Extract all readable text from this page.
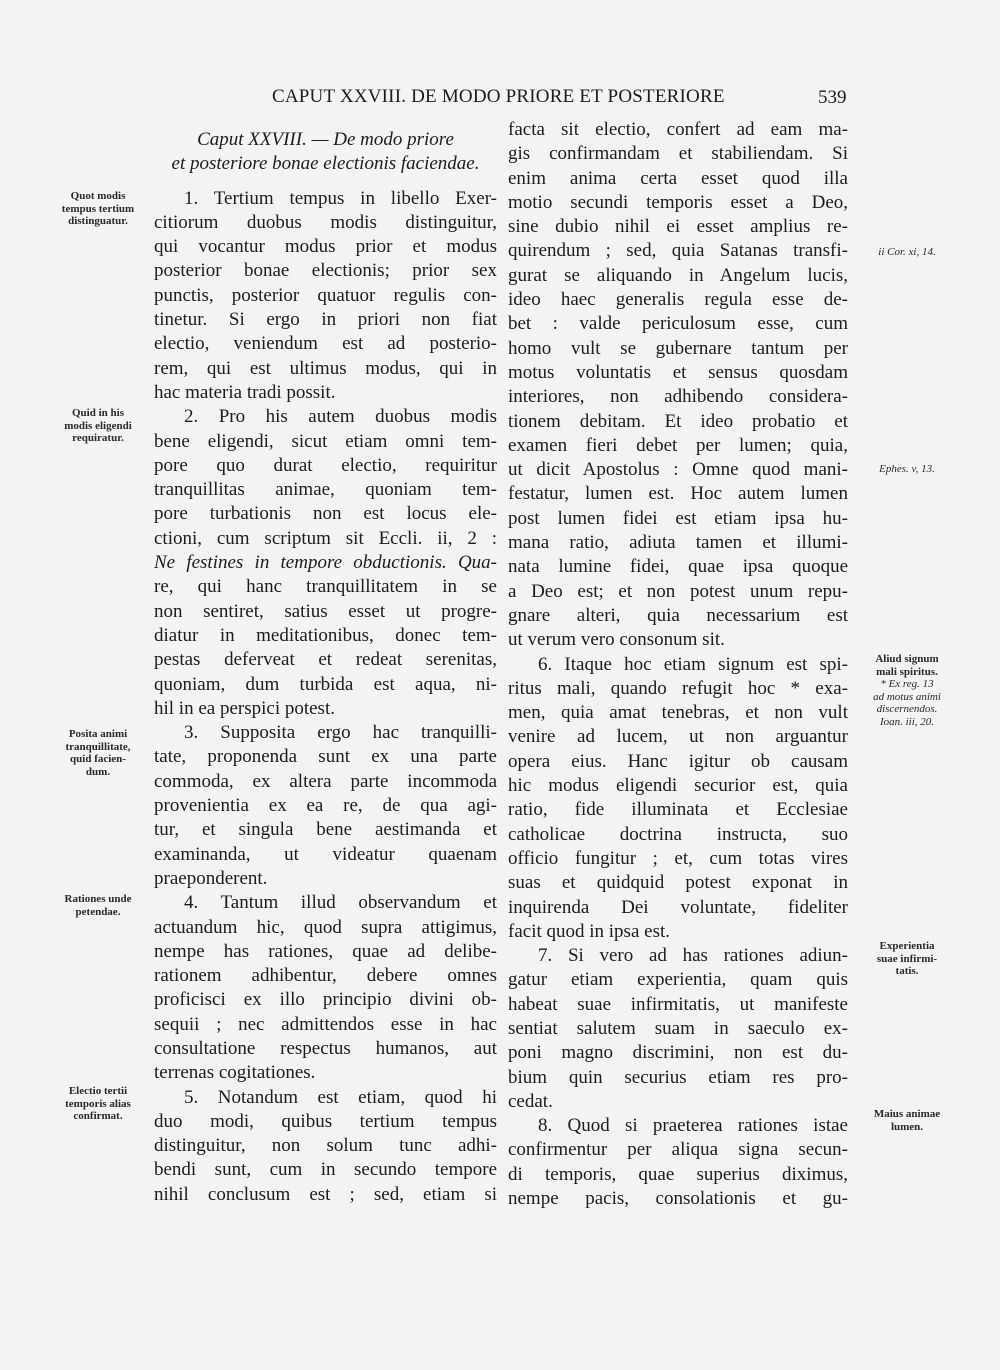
CAPUT XXVIII. DE MODO PRIORE ET POSTERIORE	539
Caput XXVIII. — De modo priore
et posteriore bonae electionis faciendae.
1. Tertium tempus in libello Exer-
citiorum duobus modis distinguitur,
qui vocantur modus prior et modus
posterior bonae electionis; prior sex
punctis, posterior quatuor regulis con-
tinetur. Si ergo in priori non fiat
electio, veniendum est ad posterio-
rem, qui est ultimus modus, qui in
hac materia tradi possit.
2. Pro his autem duobus modis
bene eligendi, sicut etiam omni tem-
pore quo durat electio, requiritur
tranquillitas animae, quoniam tem-
pore turbationis non est locus ele-
ctioni, cum scriptum sit Eccli. ii, 2 :
Ne festines in tempore obductionis. Qua-
re, qui hanc tranquillitatem in se
non sentiret, satius esset ut progre-
diatur in meditationibus, donec tem-
pestas deferveat et redeat serenitas,
quoniam, dum turbida est aqua, ni-
hil in ea perspici potest.
3. Supposita ergo hac tranquilli-
tate, proponenda sunt ex una parte
commoda, ex altera parte incommoda
provenientia ex ea re, de qua agi-
tur, et singula bene aestimanda et
examinanda, ut videatur quaenam
praeponderent.
4. Tantum illud observandum et
actuandum hic, quod supra attigimus,
nempe has rationes, quae ad delibe-
rationem adhibentur, debere omnes
proficisci ex illo principio divini ob-
sequii ; nec admittendos esse in hac
consultatione respectus humanos, aut
terrenas cogitationes.
5. Notandum est etiam, quod hi
duo modi, quibus tertium tempus
distinguitur, non solum tunc adhi-
bendi sunt, cum in secundo tempore
nihil conclusum est ; sed, etiam si
facta sit electio, confert ad eam ma-
gis confirmandam et stabiliendam. Si
enim anima certa esset quod illa
motio secundi temporis esset a Deo,
sine dubio nihil ei esset amplius re-
quirendum ; sed, quia Satanas transfi-
gurat se aliquando in Angelum lucis,
ideo haec generalis regula esse de-
bet : valde periculosum esse, cum
homo vult se gubernare tantum per
motus voluntatis et sensus quosdam
interiores, non adhibendo considera-
tionem debitam. Et ideo probatio et
examen fieri debet per lumen; quia,
ut dicit Apostolus : Omne quod mani-
festatur, lumen est. Hoc autem lumen
post lumen fidei est etiam ipsa hu-
mana ratio, adiuta tamen et illumi-
nata lumine fidei, quae ipsa quoque
a Deo est; et non potest unum repu-
gnare alteri, quia necessarium est
ut verum vero consonum sit.
6. Itaque hoc etiam signum est spi-
ritus mali, quando refugit hoc * exa-
men, quia amat tenebras, et non vult
venire ad lucem, ut non arguantur
opera eius. Hanc igitur ob causam
hic modus eligendi securior est, quia
ratio, fide illuminata et Ecclesiae
catholicae doctrina instructa, suo
officio fungitur ; et, cum totas vires
suas et quidquid potest exponat in
inquirenda Dei voluntate, fideliter
facit quod in ipsa est.
7. Si vero ad has rationes adiun-
gatur etiam experientia, quam quis
habeat suae infirmitatis, ut manifeste
sentiat salutem suam in saeculo ex-
poni magno discrimini, non est du-
bium quin securius etiam res pro-
cedat.
8. Quod si praeterea rationes istae
confirmentur per aliqua signa secun-
di temporis, quae superius diximus,
nempe pacis, consolationis et gu-
Quot modis
tempus tertium
distinguatur.
Quid in his
modis eligendi
requiratur.
Posita animi
tranquillitate,
quid facien-
dum.
Rationes unde
petendae.
Electio tertii
temporis alias
confirmat.
ii Cor. xi, 14.
Ephes. v, 13.
Aliud signum
mali spiritus.
* Ex reg. 13
ad motus animi
discernendos.
Ioan. iii, 20.
Experientia
suae infirmi-
tatis.
Maius animae
lumen.
